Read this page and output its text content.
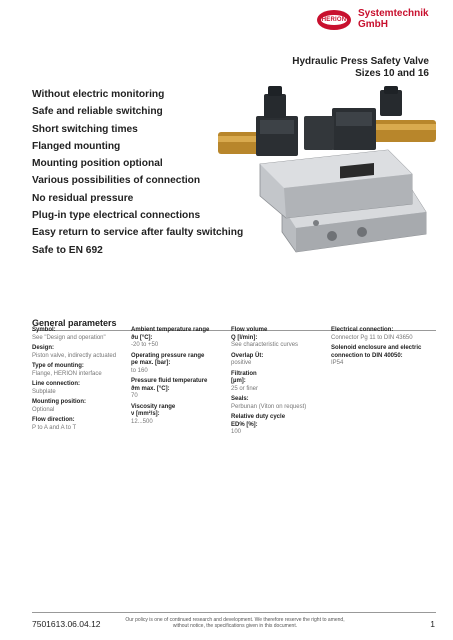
HERION
Systemtechnik
GmbH
Hydraulic Press Safety Valve
Sizes 10 and 16
Without electric monitoring
Safe and reliable switching
Short switching times
Flanged mounting
Mounting position optional
Various possibilities of connection
No residual pressure
Plug-in type electrical connections
Easy return to service after faulty switching
Safe to EN 692
General parameters
Symbol:
See "Design and operation"
Design:
Piston valve, indirectly actuated
Type of mounting:
Flange, HERION interface
Line connection:
Subplate
Mounting position:
Optional
Flow direction:
P to A and A to T
Ambient temperature range
ϑu [°C]:
-20 to +50
Operating pressure range
pe max. [bar]:
to 160
Pressure fluid temperature
ϑm max. [°C]:
70
Viscosity range
ν [mm²/s]:
12...500
Flow volume
Q [l/min]:
See characteristic curves
Overlap Üt:
positive
Filtration
[µm]:
25 or finer
Seals:
Perbunan (Viton on request)
Relative duty cycle
ED% [%]:
100
Electrical connection:
Connector Pg 11 to DIN 43650
Solenoid enclosure and electric
connection to DIN 40050:
IP54
7501613.06.04.12	Our policy is one of continued research and development. We therefore reserve the right to amend,
without notice, the specifications given in this document.	1
